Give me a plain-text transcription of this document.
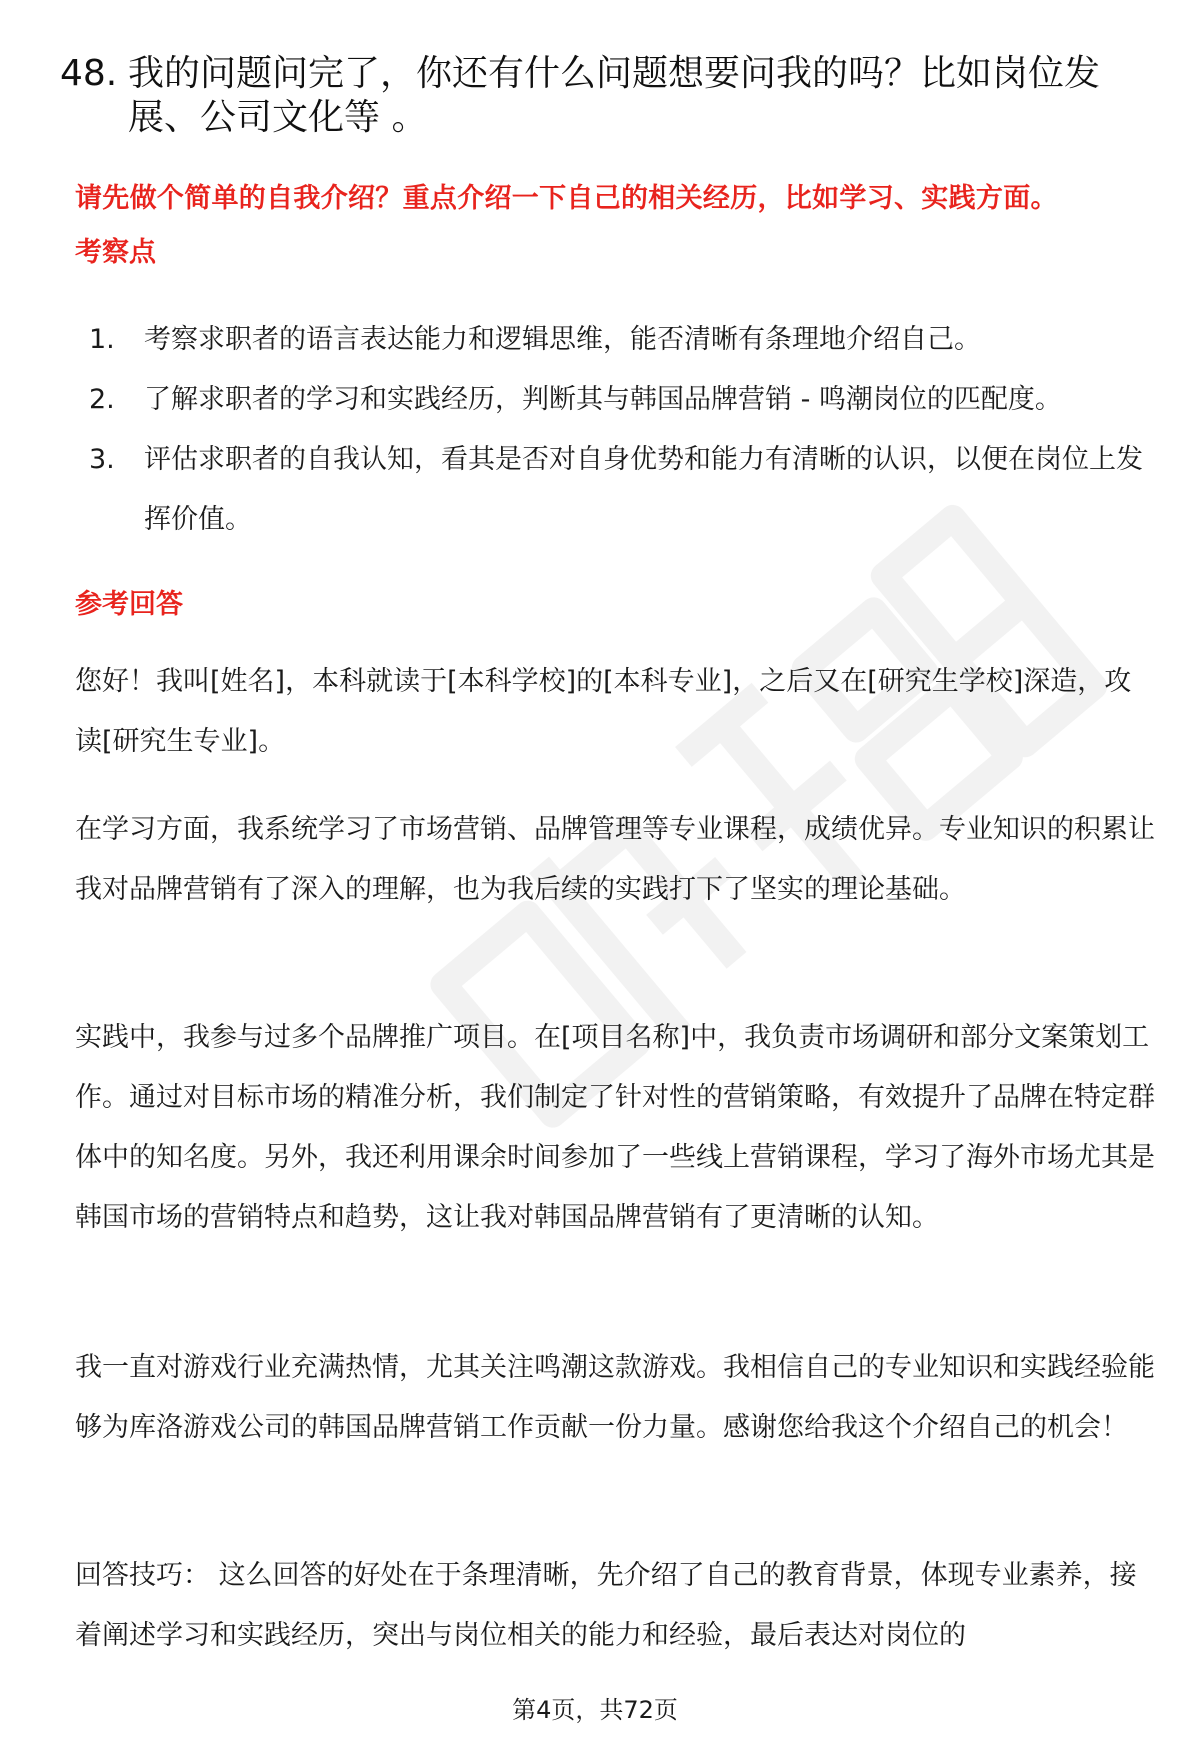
48. 我的问题问完了，你还有什么问题想要问我的吗？比如岗位发展、公司文化等 。
请先做个简单的自我介绍？重点介绍一下自己的相关经历，比如学习、实践方面。
考察点
1.	考察求职者的语言表达能力和逻辑思维，能否清晰有条理地介绍自己。
2.	了解求职者的学习和实践经历，判断其与韩国品牌营销 - 鸣潮岗位的匹配度。
3.	评估求职者的自我认知，看其是否对自身优势和能力有清晰的认识，以便在岗位上发挥价值。
参考回答

您好！我叫[姓名]，本科就读于[本科学校]的[本科专业]，之后又在[研究生学校]深造，攻读[研究生专业]。

在学习方面，我系统学习了市场营销、品牌管理等专业课程，成绩优异。专业知识的积累让我对品牌营销有了深入的理解，也为我后续的实践打下了坚实的理论基础。

实践中，我参与过多个品牌推广项目。在[项目名称]中，我负责市场调研和部分文案策划工作。通过对目标市场的精准分析，我们制定了针对性的营销策略，有效提升了品牌在特定群体中的知名度。另外，我还利用课余时间参加了一些线上营销课程，学习了海外市场尤其是韩国市场的营销特点和趋势，这让我对韩国品牌营销有了更清晰的认知。

我一直对游戏行业充满热情，尤其关注鸣潮这款游戏。我相信自己的专业知识和实践经验能够为库洛游戏公司的韩国品牌营销工作贡献一份力量。感谢您给我这个介绍自己的机会！

回答技巧： 这么回答的好处在于条理清晰，先介绍了自己的教育背景，体现专业素养，接着阐述学习和实践经历，突出与岗位相关的能力和经验，最后表达对岗位的

第4页，共72页
